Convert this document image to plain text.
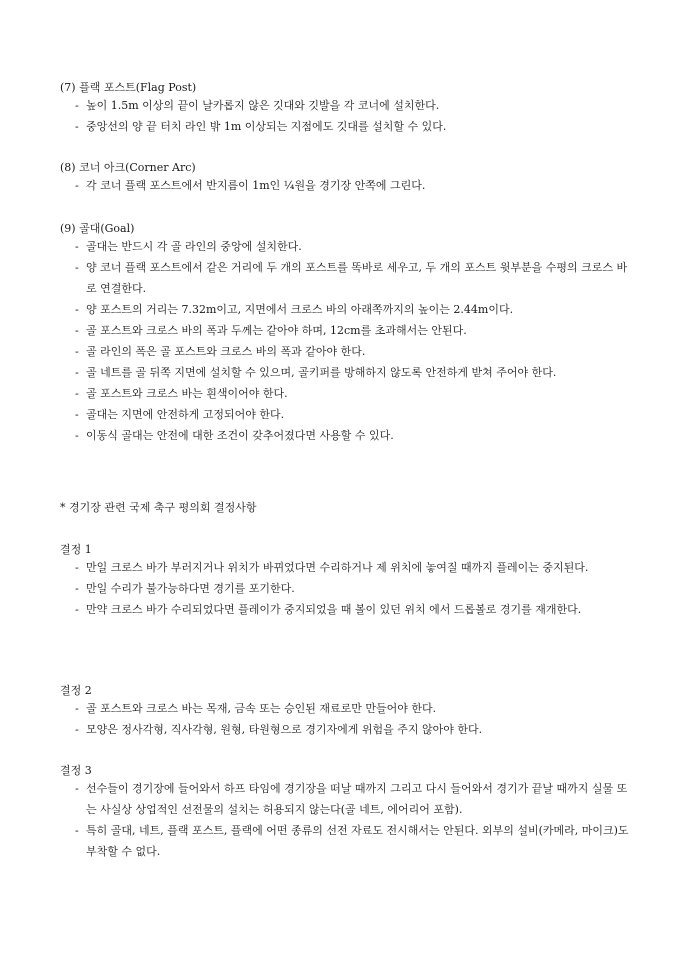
(7) 플랙 포스트(Flag Post)
- 높이 1.5m 이상의 끝이 날카롭지 않은 깃대와 깃발을 각 코너에 설치한다.
- 중앙선의 양 끝 터치 라인 밖 1m 이상되는 지점에도 깃대를 설치할 수 있다.
(8) 코너 아크(Corner Arc)
- 각 코너 플랙 포스트에서 반지름이 1m인 ¼원을 경기장 안쪽에 그린다.
(9) 골대(Goal)
- 골대는 반드시 각 골 라인의 중앙에 설치한다.
- 양 코너 플랙 포스트에서 같은 거리에 두 개의 포스트를 똑바로 세우고, 두 개의 포스트 윗부분을 수평의 크로스 바로 연결한다.
- 양 포스트의 거리는 7.32m이고, 지면에서 크로스 바의 아래쪽까지의 높이는 2.44m이다.
- 골 포스트와 크로스 바의 폭과 두께는 같아야 하며, 12cm를 초과해서는 안된다.
- 골 라인의 폭은 골 포스트와 크로스 바의 폭과 같아야 한다.
- 골 네트를 골 뒤쪽 지면에 설치할 수 있으며, 골키퍼를 방해하지 않도록 안전하게 받쳐 주어야 한다.
- 골 포스트와 크로스 바는 흰색이어야 한다.
- 골대는 지면에 안전하게 고정되어야 한다.
- 이동식 골대는 안전에 대한 조건이 갖추어졌다면 사용할 수 있다.
* 경기장 관련 국제 축구 평의회 결정사항
결정 1
- 만일 크로스 바가 부러지거나 위치가 바뀌었다면 수리하거나 제 위치에 놓여질 때까지 플레이는 중지된다.
- 만일 수리가 불가능하다면 경기를 포기한다.
- 만약 크로스 바가 수리되었다면 플레이가 중지되었을 때 볼이 있던 위치 에서 드롭볼로 경기를 재개한다.
결정 2
- 골 포스트와 크로스 바는 목재, 금속 또는 승인된 재료로만 만들어야 한다.
- 모양은 정사각형, 직사각형, 원형, 타원형으로 경기자에게 위험을 주지 않아야 한다.
결정 3
- 선수들이 경기장에 들어와서 하프 타임에 경기장을 떠날 때까지 그리고 다시 들어와서 경기가 끝날 때까지 실물 또는 사실상 상업적인 선전물의 설치는 허용되지 않는다(골 네트, 에어리어 포함).
- 특히 골대, 네트, 플랙 포스트, 플랙에 어떤 종류의 선전 자료도 전시해서는 안된다. 외부의 설비(카메라, 마이크)도 부착할 수 없다.
